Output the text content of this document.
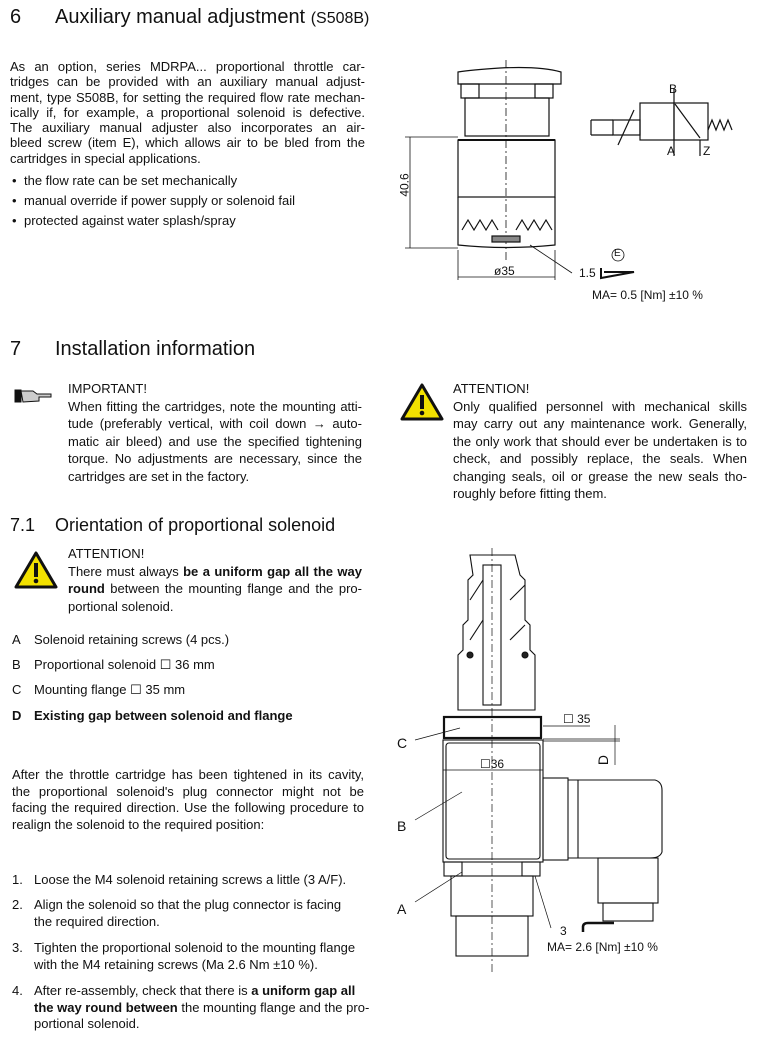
6 Auxiliary manual adjustment (S508B)
As an option, series MDRPA... proportional throttle car-
tridges can be provided with an auxiliary manual adjust-
ment, type S508B, for setting the required flow rate mechan-
ically if, for example, a proportional solenoid is defective.
The auxiliary manual adjuster also incorporates an air-
bleed screw (item E), which allows air to be bled from the
cartridges in special applications.
• the flow rate can be set mechanically
• manual override if power supply or solenoid fail
• protected against water splash/spray
40.6
ø35
E
1.5
MA= 0.5 [Nm] ±10 %
B
A Z
7 Installation information
IMPORTANT!
When fitting the cartridges, note the mounting atti-
tude (preferably vertical, with coil down → auto-
matic air bleed) and use the specified tightening
torque. No adjustments are necessary, since the
cartridges are set in the factory.
ATTENTION!
Only qualified personnel with mechanical skills
may carry out any maintenance work. Generally,
the only work that should ever be undertaken is to
check, and possibly replace, the seals. When
changing seals, oil or grease the new seals tho-
roughly before fitting them.
7.1 Orientation of proportional solenoid
ATTENTION!
There must always be a uniform gap all the way
round between the mounting flange and the pro-
portional solenoid.
A Solenoid retaining screws (4 pcs.)
B Proportional solenoid ☐ 36 mm
C Mounting flange ☐ 35 mm
D Existing gap between solenoid and flange
After the throttle cartridge has been tightened in its cavity,
the proportional solenoid's plug connector might not be
facing the required direction. Use the following procedure to
realign the solenoid to the required position:
1. Loose the M4 solenoid retaining screws a little (3 A/F).
2. Align the solenoid so that the plug connector is facing
the required direction.
3. Tighten the proportional solenoid to the mounting flange
with the M4 retaining screws (Ma 2.6 Nm ±10 %).
4. After re-assembly, check that there is a uniform gap all
the way round between the mounting flange and the pro-
portional solenoid.
☐ 35
D
☐36
C
B
A
3
MA= 2.6 [Nm] ±10 %
